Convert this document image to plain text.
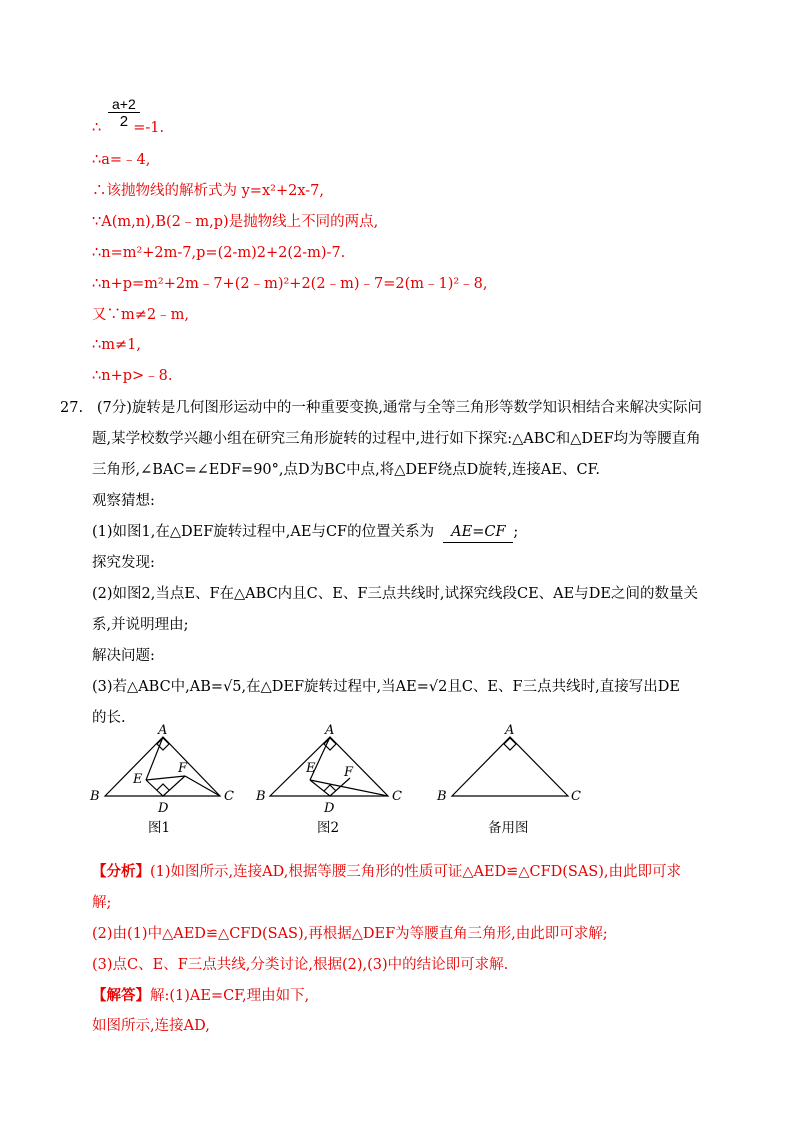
$\frac{a+2}{2}$
∴ =-1.
∴a=﹣4,
∴该抛物线的解析式为 y=x²+2x-7,
∵A(m,n),B(2﹣m,p)是抛物线上不同的两点,
∴n=m²+2m-7,p=(2-m)2+2(2-m)-7.
∴n+p=m²+2m﹣7+(2﹣m)²+2(2﹣m)﹣7=2(m﹣1)²﹣8,
又∵m≠2﹣m,
∴m≠1,
∴n+p>﹣8.
27. (7分)旋转是几何图形运动中的一种重要变换,通常与全等三角形等数学知识相结合来解决实际问
题,某学校数学兴趣小组在研究三角形旋转的过程中,进行如下探究:△ABC和△DEF均为等腰直角
三角形,∠BAC=∠EDF=90°,点D为BC中点,将△DEF绕点D旋转,连接AE、CF.
观察猜想:
(1)如图1,在△DEF旋转过程中,AE与CF的位置关系为 AE=CF ;
探究发现:
(2)如图2,当点E、F在△ABC内且C、E、F三点共线时,试探究线段CE、AE与DE之间的数量关
系,并说明理由;
解决问题:
(3)若△ABC中,AB=√5,在△DEF旋转过程中,当AE=√2且C、E、F三点共线时,直接写出DE
的长.
A
B	C
D
E
F
A
B	C
D
E F
A
B	C
图1	图2	备用图
【分析】(1)如图所示,连接AD,根据等腰三角形的性质可证△AED≌△CFD(SAS),由此即可求
解;
(2)由(1)中△AED≌△CFD(SAS),再根据△DEF为等腰直角三角形,由此即可求解;
(3)点C、E、F三点共线,分类讨论,根据(2),(3)中的结论即可求解.
【解答】解:(1)AE=CF,理由如下,
如图所示,连接AD,
